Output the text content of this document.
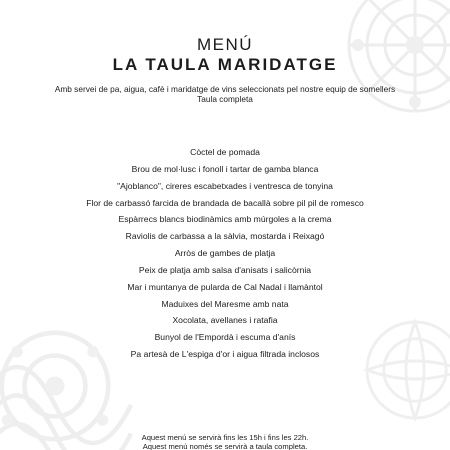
MENÚ
LA TAULA MARIDATGE
Amb servei de pa, aigua, cafè i maridatge de vins seleccionats pel nostre equip de somellers
Taula completa
Còctel de pomada
Brou de mol·lusc i fonoll i tartar de gamba blanca
"Ajoblanco", cireres escabetxades i ventresca de tonyina
Flor de carbassó farcida de brandada de bacallà sobre pil pil de romesco
Espàrrecs blancs biodinàmics amb múrgoles a la crema
Raviolis de carbassa a la sàlvia, mostarda i Reixagó
Arròs de gambes de platja
Peix de platja amb salsa d'anisats i salicòrnia
Mar i muntanya de pularda de Cal Nadal i llamàntol
Maduixes del Maresme amb nata
Xocolata, avellanes i ratafia
Bunyol de l'Empordà i escuma d'anís
Pa artesà de L'espiga d'or i aigua filtrada inclosos
Aquest menú se servirà fins les 15h i fins les 22h.
Aquest menú només se servirà a taula completa.
